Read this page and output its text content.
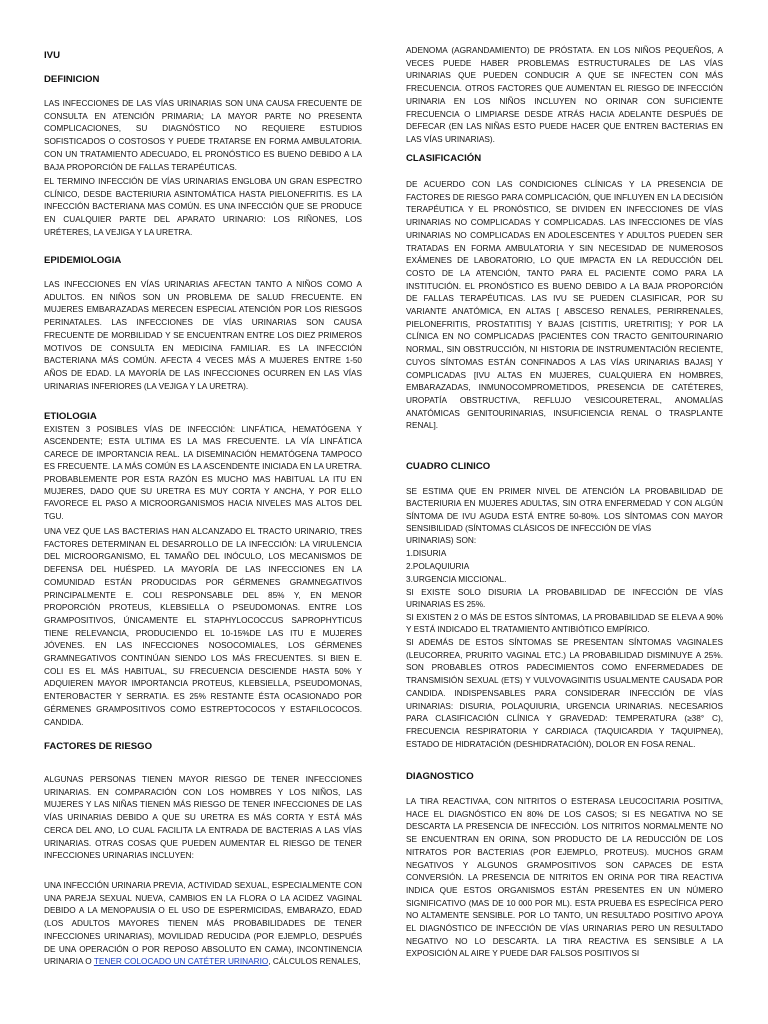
IVU
DEFINICION

LAS INFECCIONES DE LAS VÍAS URINARIAS SON UNA CAUSA FRECUENTE DE CONSULTA EN ATENCIÓN PRIMARIA; LA MAYOR PARTE NO PRESENTA COMPLICACIONES, SU DIAGNÓSTICO NO REQUIERE ESTUDIOS SOFISTICADOS O COSTOSOS Y PUEDE TRATARSE EN FORMA AMBULATORIA. CON UN TRATAMIENTO ADECUADO, EL PRONÓSTICO ES BUENO DEBIDO A LA BAJA PROPORCIÓN DE FALLAS TERAPÉUTICAS.

EL TERMINO INFECCIÓN DE VÍAS URINARIAS ENGLOBA UN GRAN ESPECTRO CLÍNICO, DESDE BACTERIURIA ASINTOMÁTICA HASTA PIELONEFRITIS. ES LA INFECCIÓN BACTERIANA MAS COMÚN. ES UNA INFECCIÓN QUE SE PRODUCE EN CUALQUIER PARTE DEL APARATO URINARIO: LOS RIÑONES, LOS URÉTERES, LA VEJIGA Y LA URETRA.

EPIDEMIOLOGIA

LAS INFECCIONES EN VÍAS URINARIAS AFECTAN TANTO A NIÑOS COMO A ADULTOS. EN NIÑOS SON UN PROBLEMA DE SALUD FRECUENTE. EN MUJERES EMBARAZADAS MERECEN ESPECIAL ATENCIÓN POR LOS RIESGOS PERINATALES. LAS INFECCIONES DE VÍAS URINARIAS SON CAUSA FRECUENTE DE MORBILIDAD Y SE ENCUENTRAN ENTRE LOS DIEZ PRIMEROS MOTIVOS DE CONSULTA EN MEDICINA FAMILIAR. ES LA INFECCIÓN BACTERIANA MÁS COMÚN. AFECTA 4 VECES MÁS A MUJERES ENTRE 1-50 AÑOS DE EDAD. LA MAYORÍA DE LAS INFECCIONES OCURREN EN LAS VÍAS URINARIAS INFERIORES (LA VEJIGA Y LA URETRA).

ETIOLOGIA

EXISTEN 3 POSIBLES VÍAS DE INFECCIÓN: LINFÁTICA, HEMATÓGENA Y ASCENDENTE; ESTA ULTIMA ES LA MAS FRECUENTE. LA VÍA LINFÁTICA CARECE DE IMPORTANCIA REAL. LA DISEMINACIÓN HEMATÓGENA TAMPOCO ES FRECUENTE. LA MÁS COMÚN ES LA ASCENDENTE INICIADA EN LA URETRA. PROBABLEMENTE POR ESTA RAZÓN ES MUCHO MAS HABITUAL LA ITU EN MUJERES, DADO QUE SU URETRA ES MUY CORTA Y ANCHA, Y POR ELLO FAVORECE EL PASO A MICROORGANISMOS HACIA NIVELES MAS ALTOS DEL TGU.

UNA VEZ QUE LAS BACTERIAS HAN ALCANZADO EL TRACTO URINARIO, TRES FACTORES DETERMINAN EL DESARROLLO DE LA INFECCIÓN: LA VIRULENCIA DEL MICROORGANISMO, EL TAMAÑO DEL INÓCULO, LOS MECANISMOS DE DEFENSA DEL HUÉSPED. LA MAYORÍA DE LAS INFECCIONES EN LA COMUNIDAD ESTÁN PRODUCIDAS POR GÉRMENES GRAMNEGATIVOS PRINCIPALMENTE E. COLI RESPONSABLE DEL 85% Y, EN MENOR PROPORCIÓN PROTEUS, KLEBSIELLA O PSEUDOMONAS. ENTRE LOS GRAMPOSITIVOS, ÚNICAMENTE EL STAPHYLOCOCCUS SAPROPHYTICUS TIENE RELEVANCIA, PRODUCIENDO EL 10-15%DE LAS ITU E MUJERES JÓVENES. EN LAS INFECCIONES NOSOCOMIALES, LOS GÉRMENES GRAMNEGATIVOS CONTINÚAN SIENDO LOS MÁS FRECUENTES. SI BIEN E. COLI ES EL MÁS HABITUAL, SU FRECUENCIA DESCIENDE HASTA 50% Y ADQUIEREN MAYOR IMPORTANCIA PROTEUS, KLEBSIELLA, PSEUDOMONAS, ENTEROBACTER Y SERRATIA. ES 25% RESTANTE ÉSTA OCASIONADO POR GÉRMENES GRAMPOSITIVOS COMO ESTREPTOCOCOS Y ESTAFILOCOCOS. CANDIDA.

FACTORES DE RIESGO

ALGUNAS PERSONAS TIENEN MAYOR RIESGO DE TENER INFECCIONES URINARIAS. EN COMPARACIÓN CON LOS HOMBRES Y LOS NIÑOS, LAS MUJERES Y LAS NIÑAS TIENEN MÁS RIESGO DE TENER INFECCIONES DE LAS VÍAS URINARIAS DEBIDO A QUE SU URETRA ES MÁS CORTA Y ESTÁ MÁS CERCA DEL ANO, LO CUAL FACILITA LA ENTRADA DE BACTERIAS A LAS VÍAS URINARIAS. OTRAS COSAS QUE PUEDEN AUMENTAR EL RIESGO DE TENER INFECCIONES URINARIAS INCLUYEN:

UNA INFECCIÓN URINARIA PREVIA, ACTIVIDAD SEXUAL, ESPECIALMENTE CON UNA PAREJA SEXUAL NUEVA, CAMBIOS EN LA FLORA O LA ACIDEZ VAGINAL DEBIDO A LA MENOPAUSIA O EL USO DE ESPERMICIDAS, EMBARAZO, EDAD (LOS ADULTOS MAYORES TIENEN MÁS PROBABILIDADES DE TENER INFECCIONES URINARIAS), MOVILIDAD REDUCIDA (POR EJEMPLO, DESPUÉS DE UNA OPERACIÓN O POR REPOSO ABSOLUTO EN CAMA), INCONTINENCIA URINARIA O TENER COLOCADO UN CATÉTER URINARIO, CÁLCULOS RENALES,

ADENOMA (AGRANDAMIENTO) DE PRÓSTATA. EN LOS NIÑOS PEQUEÑOS, A VECES PUEDE HABER PROBLEMAS ESTRUCTURALES DE LAS VÍAS URINARIAS QUE PUEDEN CONDUCIR A QUE SE INFECTEN CON MÁS FRECUENCIA. OTROS FACTORES QUE AUMENTAN EL RIESGO DE INFECCIÓN URINARIA EN LOS NIÑOS INCLUYEN NO ORINAR CON SUFICIENTE FRECUENCIA O LIMPIARSE DESDE ATRÁS HACIA ADELANTE DESPUÉS DE DEFECAR (EN LAS NIÑAS ESTO PUEDE HACER QUE ENTREN BACTERIAS EN LAS VÍAS URINARIAS).

CLASIFICACIÓN

DE ACUERDO CON LAS CONDICIONES CLÍNICAS Y LA PRESENCIA DE FACTORES DE RIESGO PARA COMPLICACIÓN, QUE INFLUYEN EN LA DECISIÓN TERAPÉUTICA Y EL PRONÓSTICO, SE DIVIDEN EN INFECCIONES DE VÍAS URINARIAS NO COMPLICADAS Y COMPLICADAS. LAS INFECCIONES DE VÍAS URINARIAS NO COMPLICADAS EN ADOLESCENTES Y ADULTOS PUEDEN SER TRATADAS EN FORMA AMBULATORIA Y SIN NECESIDAD DE NUMEROSOS EXÁMENES DE LABORATORIO, LO QUE IMPACTA EN LA REDUCCIÓN DEL COSTO DE LA ATENCIÓN, TANTO PARA EL PACIENTE COMO PARA LA INSTITUCIÓN. EL PRONÓSTICO ES BUENO DEBIDO A LA BAJA PROPORCIÓN DE FALLAS TERAPÉUTICAS. LAS IVU SE PUEDEN CLASIFICAR, POR SU VARIANTE ANATÓMICA, EN ALTAS [ ABSCESO RENALES, PERIRRENALES, PIELONEFRITIS, PROSTATITIS] Y BAJAS [CISTITIS, URETRITIS]; Y POR LA CLÍNICA EN NO COMPLICADAS [PACIENTES CON TRACTO GENITOURINARIO NORMAL, SIN OBSTRUCCIÓN, NI HISTORIA DE INSTRUMENTACIÓN RECIENTE, CUYOS SÍNTOMAS ESTÁN CONFINADOS A LAS VÍAS URINARIAS BAJAS] Y COMPLICADAS [IVU ALTAS EN MUJERES, CUALQUIERA EN HOMBRES, EMBARAZADAS, INMUNOCOMPROMETIDOS, PRESENCIA DE CATÉTERES, UROPATÍA OBSTRUCTIVA, REFLUJO VESICOURETERAL, ANOMALÍAS ANATÓMICAS GENITOURINARIAS, INSUFICIENCIA RENAL O TRASPLANTE RENAL].

CUADRO CLINICO

SE ESTIMA QUE EN PRIMER NIVEL DE ATENCIÓN LA PROBABILIDAD DE BACTERIURIA EN MUJERES ADULTAS, SIN OTRA ENFERMEDAD Y CON ALGÚN SÍNTOMA DE IVU AGUDA ESTÁ ENTRE 50-80%. LOS SÍNTOMAS CON MAYOR SENSIBILIDAD (SÍNTOMAS CLÁSICOS DE INFECCIÓN DE VÍAS

URINARIAS) SON:

1.DISURIA

2.POLAQUIURIA

3.URGENCIA MICCIONAL.

SI EXISTE SOLO DISURIA LA PROBABILIDAD DE INFECCIÓN DE VÍAS URINARIAS ES 25%.

SI EXISTEN 2 O MÁS DE ESTOS SÍNTOMAS, LA PROBABILIDAD SE ELEVA A 90% Y ESTÁ INDICADO EL TRATAMIENTO ANTIBIÓTICO EMPÍRICO.

SI ADEMÁS DE ESTOS SÍNTOMAS SE PRESENTAN SÍNTOMAS VAGINALES (LEUCORREA, PRURITO VAGINAL ETC.) LA PROBABILIDAD DISMINUYE A 25%. SON PROBABLES OTROS PADECIMIENTOS COMO ENFERMEDADES DE TRANSMISIÓN SEXUAL (ETS) Y VULVOVAGINITIS USUALMENTE CAUSADA POR CANDIDA. INDISPENSABLES PARA CONSIDERAR INFECCIÓN DE VÍAS URINARIAS: DISURIA, POLAQUIURIA, URGENCIA URINARIAS. NECESARIOS PARA CLASIFICACIÓN CLÍNICA Y GRAVEDAD: TEMPERATURA (≥38° C), FRECUENCIA RESPIRATORIA Y CARDIACA (TAQUICARDIA Y TAQUIPNEA), ESTADO DE HIDRATACIÓN (DESHIDRATACIÓN), DOLOR EN FOSA RENAL.

DIAGNOSTICO

LA TIRA REACTIVAA, CON NITRITOS O ESTERASA LEUCOCITARIA POSITIVA, HACE EL DIAGNÓSTICO EN 80% DE LOS CASOS; SI ES NEGATIVA NO SE DESCARTA LA PRESENCIA DE INFECCIÓN. LOS NITRITOS NORMALMENTE NO SE ENCUENTRAN EN ORINA, SON PRODUCTO DE LA REDUCCIÓN DE LOS NITRATOS POR BACTERIAS (POR EJEMPLO, PROTEUS). MUCHOS GRAM NEGATIVOS Y ALGUNOS GRAMPOSITIVOS SON CAPACES DE ESTA CONVERSIÓN. LA PRESENCIA DE NITRITOS EN ORINA POR TIRA REACTIVA INDICA QUE ESTOS ORGANISMOS ESTÁN PRESENTES EN UN NÚMERO SIGNIFICATIVO (MAS DE 10 000 POR ML). ESTA PRUEBA ES ESPECÍFICA PERO NO ALTAMENTE SENSIBLE. POR LO TANTO, UN RESULTADO POSITIVO APOYA EL DIAGNÓSTICO DE INFECCIÓN DE VÍAS URINARIAS PERO UN RESULTADO NEGATIVO NO LO DESCARTA. LA TIRA REACTIVA ES SENSIBLE A LA EXPOSICIÓN AL AIRE Y PUEDE DAR FALSOS POSITIVOS SI
